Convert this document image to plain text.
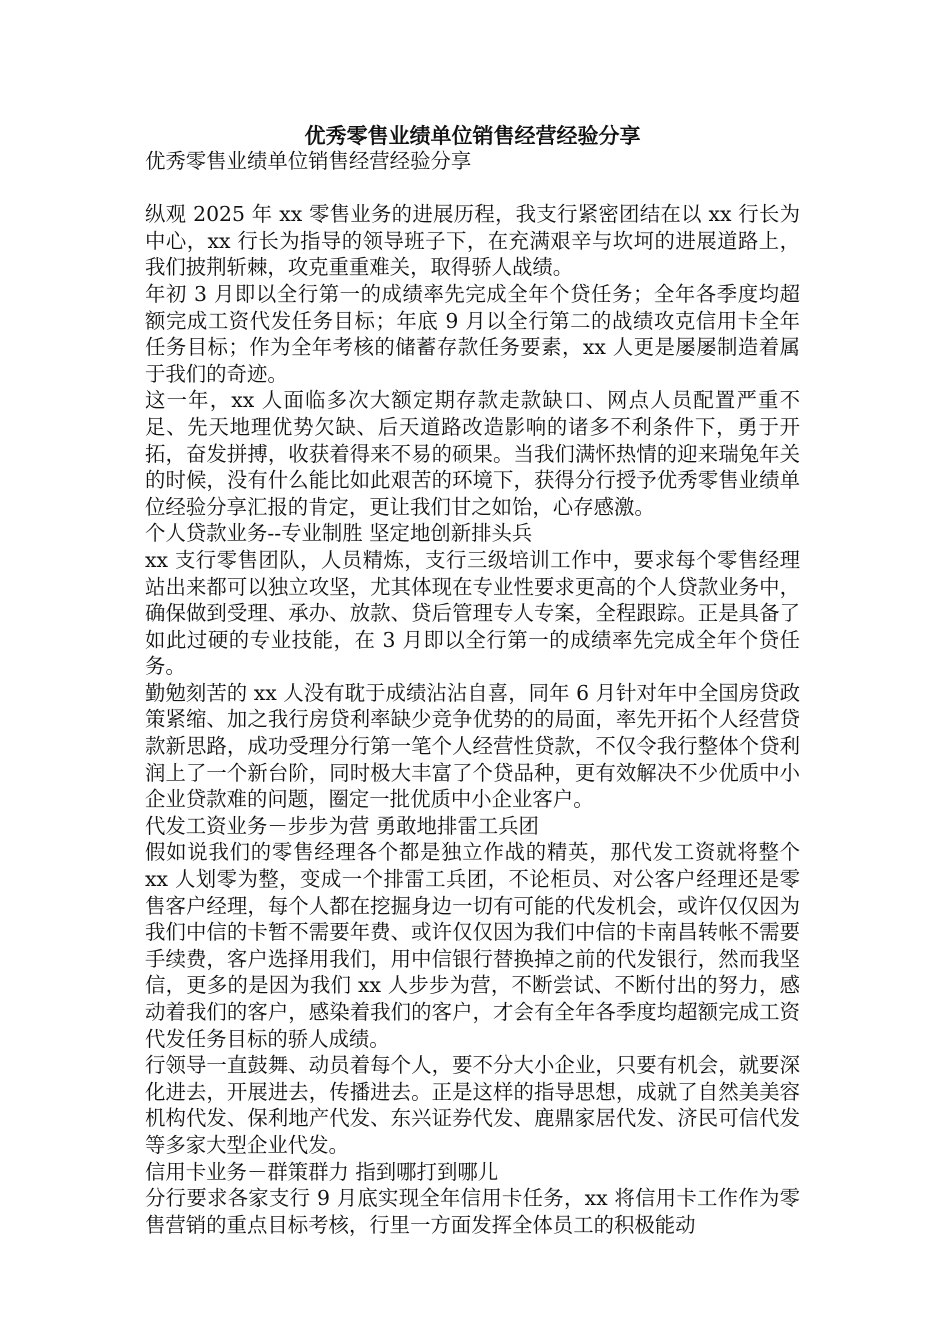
优秀零售业绩单位销售经营经验分享

优秀零售业绩单位销售经营经验分享

纵观 2025 年 xx 零售业务的进展历程，我支行紧密团结在以 xx 行长为中心，xx 行长为指导的领导班子下，在充满艰辛与坎坷的进展道路上，我们披荆斩棘，攻克重重难关，取得骄人战绩。

年初 3 月即以全行第一的成绩率先完成全年个贷任务；全年各季度均超额完成工资代发任务目标；年底 9 月以全行第二的战绩攻克信用卡全年任务目标；作为全年考核的储蓄存款任务要素，xx 人更是屡屡制造着属于我们的奇迹。

这一年，xx 人面临多次大额定期存款走款缺口、网点人员配置严重不足、先天地理优势欠缺、后天道路改造影响的诸多不利条件下，勇于开拓，奋发拼搏，收获着得来不易的硕果。当我们满怀热情的迎来瑞兔年关的时候，没有什么能比如此艰苦的环境下，获得分行授予优秀零售业绩单位经验分享汇报的肯定，更让我们甘之如饴，心存感激。

个人贷款业务--专业制胜 坚定地创新排头兵

xx 支行零售团队，人员精炼，支行三级培训工作中，要求每个零售经理站出来都可以独立攻坚，尤其体现在专业性要求更高的个人贷款业务中，确保做到受理、承办、放款、贷后管理专人专案，全程跟踪。正是具备了如此过硬的专业技能，在 3 月即以全行第一的成绩率先完成全年个贷任务。

勤勉刻苦的 xx 人没有耽于成绩沾沾自喜，同年 6 月针对年中全国房贷政策紧缩、加之我行房贷利率缺少竞争优势的的局面，率先开拓个人经营贷款新思路，成功受理分行第一笔个人经营性贷款，不仅令我行整体个贷利润上了一个新台阶，同时极大丰富了个贷品种，更有效解决不少优质中小企业贷款难的问题，圈定一批优质中小企业客户。

代发工资业务－步步为营 勇敢地排雷工兵团

假如说我们的零售经理各个都是独立作战的精英，那代发工资就将整个 xx 人划零为整，变成一个排雷工兵团，不论柜员、对公客户经理还是零售客户经理，每个人都在挖掘身边一切有可能的代发机会，或许仅仅因为我们中信的卡暂不需要年费、或许仅仅因为我们中信的卡南昌转帐不需要手续费，客户选择用我们，用中信银行替换掉之前的代发银行，然而我坚信，更多的是因为我们 xx 人步步为营，不断尝试、不断付出的努力，感动着我们的客户，感染着我们的客户，才会有全年各季度均超额完成工资代发任务目标的骄人成绩。

行领导一直鼓舞、动员着每个人，要不分大小企业，只要有机会，就要深化进去，开展进去，传播进去。正是这样的指导思想，成就了自然美美容机构代发、保利地产代发、东兴证券代发、鹿鼎家居代发、济民可信代发等多家大型企业代发。

信用卡业务－群策群力 指到哪打到哪儿

分行要求各家支行 9 月底实现全年信用卡任务，xx 将信用卡工作作为零售营销的重点目标考核，行里一方面发挥全体员工的积极能动
